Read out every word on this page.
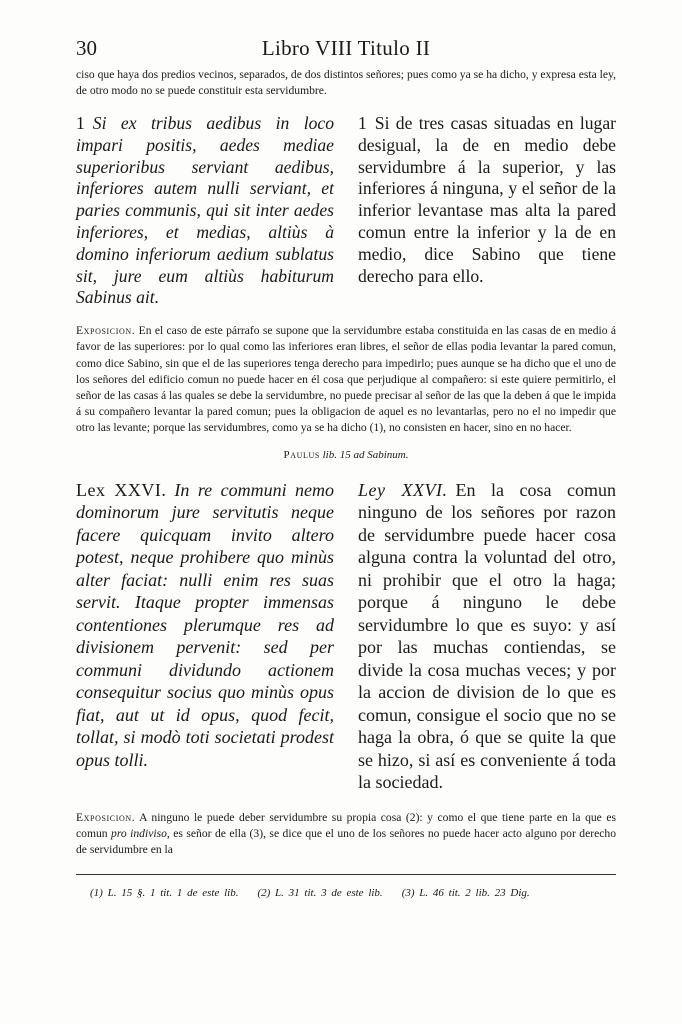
30	Libro VIII Titulo II

ciso que haya dos predios vecinos, separados, de dos distintos señores; pues como ya se ha dicho, y expresa esta ley, de otro modo no se puede constituir esta servidumbre.

1 Si ex tribus aedibus in loco impari positis, aedes mediae superioribus serviant aedibus, inferiores autem nulli serviant, et paries communis, qui sit inter aedes inferiores, et medias, altiùs à domino inferiorum aedium sublatus sit, jure eum altiùs habiturum Sabinus ait.
1 Si de tres casas situadas en lugar desigual, la de en medio debe servidumbre á la superior, y las inferiores á ninguna, y el señor de la inferior levantase mas alta la pared comun entre la inferior y la de en medio, dice Sabino que tiene derecho para ello.

Exposicion. En el caso de este párrafo se supone que la servidumbre estaba constituida en las casas de en medio á favor de las superiores: por lo qual como las inferiores eran libres, el señor de ellas podia levantar la pared comun, como dice Sabino, sin que el de las superiores tenga derecho para impedirlo; pues aunque se ha dicho que el uno de los señores del edificio comun no puede hacer en él cosa que perjudique al compañero: si este quiere permitirlo, el señor de las casas á las quales se debe la servidumbre, no puede precisar al señor de las que la deben á que le impida á su compañero levantar la pared comun; pues la obligacion de aquel es no levantarlas, pero no el no impedir que otro las levante; porque las servidumbres, como ya se ha dicho (1), no consisten en hacer, sino en no hacer.

Paulus lib. 15 ad Sabinum.
Lex XXVI. In re communi nemo dominorum jure servitutis neque facere quicquam invito altero potest, neque prohibere quo minùs alter faciat: nulli enim res suas servit. Itaque propter immensas contentiones plerumque res ad divisionem pervenit: sed per communi dividundo actionem consequitur socius quo minùs opus fiat, aut ut id opus, quod fecit, tollat, si modò toti societati prodest opus tolli.
Ley XXVI. En la cosa comun ninguno de los señores por razon de servidumbre puede hacer cosa alguna contra la voluntad del otro, ni prohibir que el otro la haga; porque á ninguno le debe servidumbre lo que es suyo: y así por las muchas contiendas, se divide la cosa muchas veces; y por la accion de division de lo que es comun, consigue el socio que no se haga la obra, ó que se quite la que se hizo, si así es conveniente á toda la sociedad.

Exposicion. A ninguno le puede deber servidumbre su propia cosa (2): y como el que tiene parte en la que es comun pro indiviso, es señor de ella (3), se dice que el uno de los señores no puede hacer acto alguno por derecho de servidumbre en la

(1) L. 15 §. 1 tit. 1 de este lib. (2) L. 31 tit. 3 de este lib. (3) L. 46 tit. 2 lib. 23 Dig.
